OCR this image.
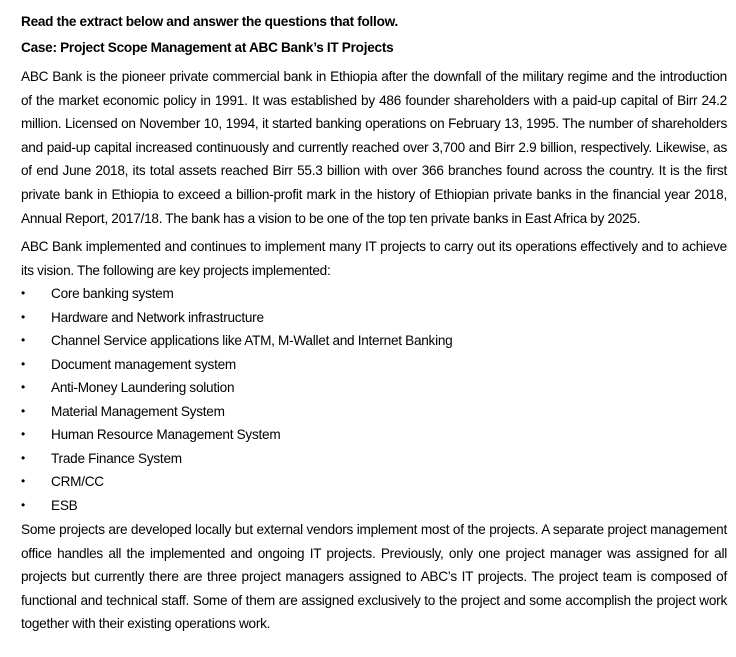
Read the extract below and answer the questions that follow.
Case: Project Scope Management at ABC Bank’s IT Projects

ABC Bank is the pioneer private commercial bank in Ethiopia after the downfall of the military regime and the introduction of the market economic policy in 1991. It was established by 486 founder shareholders with a paid-up capital of Birr 24.2 million. Licensed on November 10, 1994, it started banking operations on February 13, 1995. The number of shareholders and paid-up capital increased continuously and currently reached over 3,700 and Birr 2.9 billion, respectively. Likewise, as of end June 2018, its total assets reached Birr 55.3 billion with over 366 branches found across the country. It is the first private bank in Ethiopia to exceed a billion-profit mark in the history of Ethiopian private banks in the financial year 2018, Annual Report, 2017/18. The bank has a vision to be one of the top ten private banks in East Africa by 2025.

ABC Bank implemented and continues to implement many IT projects to carry out its operations effectively and to achieve its vision. The following are key projects implemented:

•	Core banking system
•	Hardware and Network infrastructure
•	Channel Service applications like ATM, M-Wallet and Internet Banking
•	Document management system
•	Anti-Money Laundering solution
•	Material Management System
•	Human Resource Management System
•	Trade Finance System
•	CRM/CC
•	ESB

Some projects are developed locally but external vendors implement most of the projects. A separate project management office handles all the implemented and ongoing IT projects. Previously, only one project manager was assigned for all projects but currently there are three project managers assigned to ABC’s IT projects. The project team is composed of functional and technical staff. Some of them are assigned exclusively to the project and some accomplish the project work together with their existing operations work.
